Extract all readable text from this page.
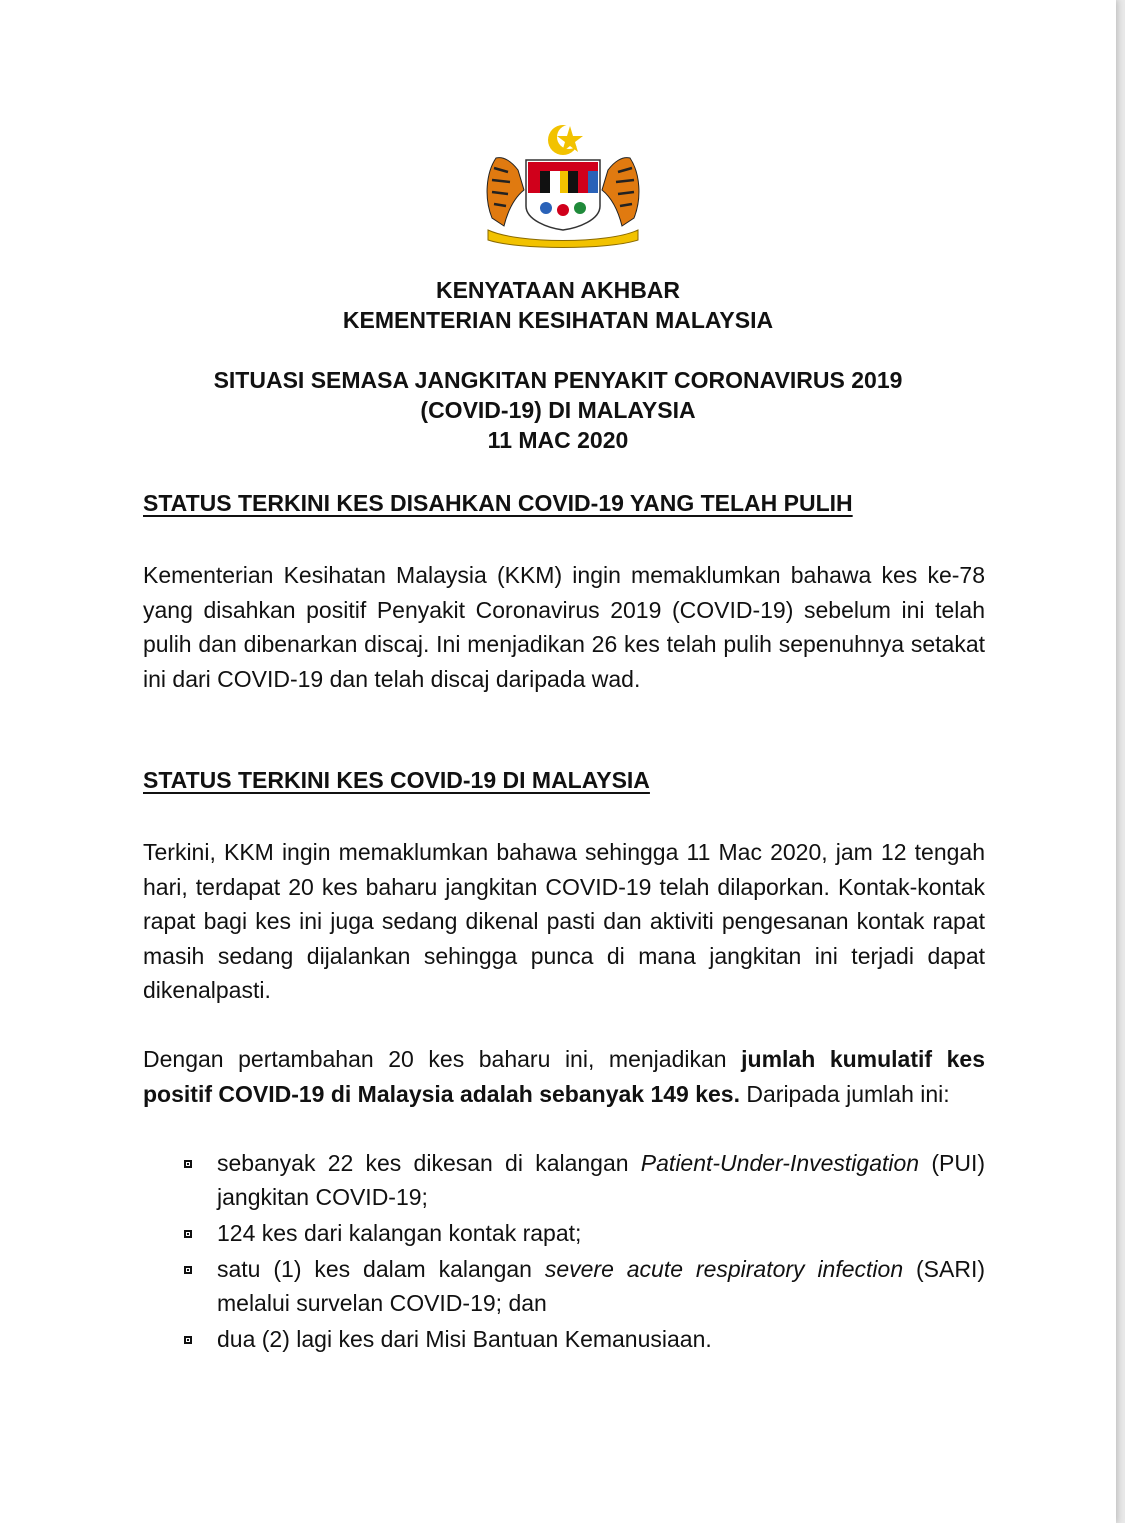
KENYATAAN AKHBAR
KEMENTERIAN KESIHATAN MALAYSIA
SITUASI SEMASA JANGKITAN PENYAKIT CORONAVIRUS 2019
(COVID-19) DI MALAYSIA
11 MAC 2020
STATUS TERKINI KES DISAHKAN COVID-19 YANG TELAH PULIH
Kementerian Kesihatan Malaysia (KKM) ingin memaklumkan bahawa kes ke-78 yang disahkan positif Penyakit Coronavirus 2019 (COVID-19) sebelum ini telah pulih dan dibenarkan discaj. Ini menjadikan 26 kes telah pulih sepenuhnya setakat ini dari COVID-19 dan telah discaj daripada wad.
STATUS TERKINI KES COVID-19 DI MALAYSIA
Terkini, KKM ingin memaklumkan bahawa sehingga 11 Mac 2020, jam 12 tengah hari, terdapat 20 kes baharu jangkitan COVID-19 telah dilaporkan. Kontak-kontak rapat bagi kes ini juga sedang dikenal pasti dan aktiviti pengesanan kontak rapat masih sedang dijalankan sehingga punca di mana jangkitan ini terjadi dapat dikenalpasti.
Dengan pertambahan 20 kes baharu ini, menjadikan jumlah kumulatif kes positif COVID-19 di Malaysia adalah sebanyak 149 kes. Daripada jumlah ini:
sebanyak 22 kes dikesan di kalangan Patient-Under-Investigation (PUI) jangkitan COVID-19;
124 kes dari kalangan kontak rapat;
satu (1) kes dalam kalangan severe acute respiratory infection (SARI) melalui survelan COVID-19; dan
dua (2) lagi kes dari Misi Bantuan Kemanusiaan.
